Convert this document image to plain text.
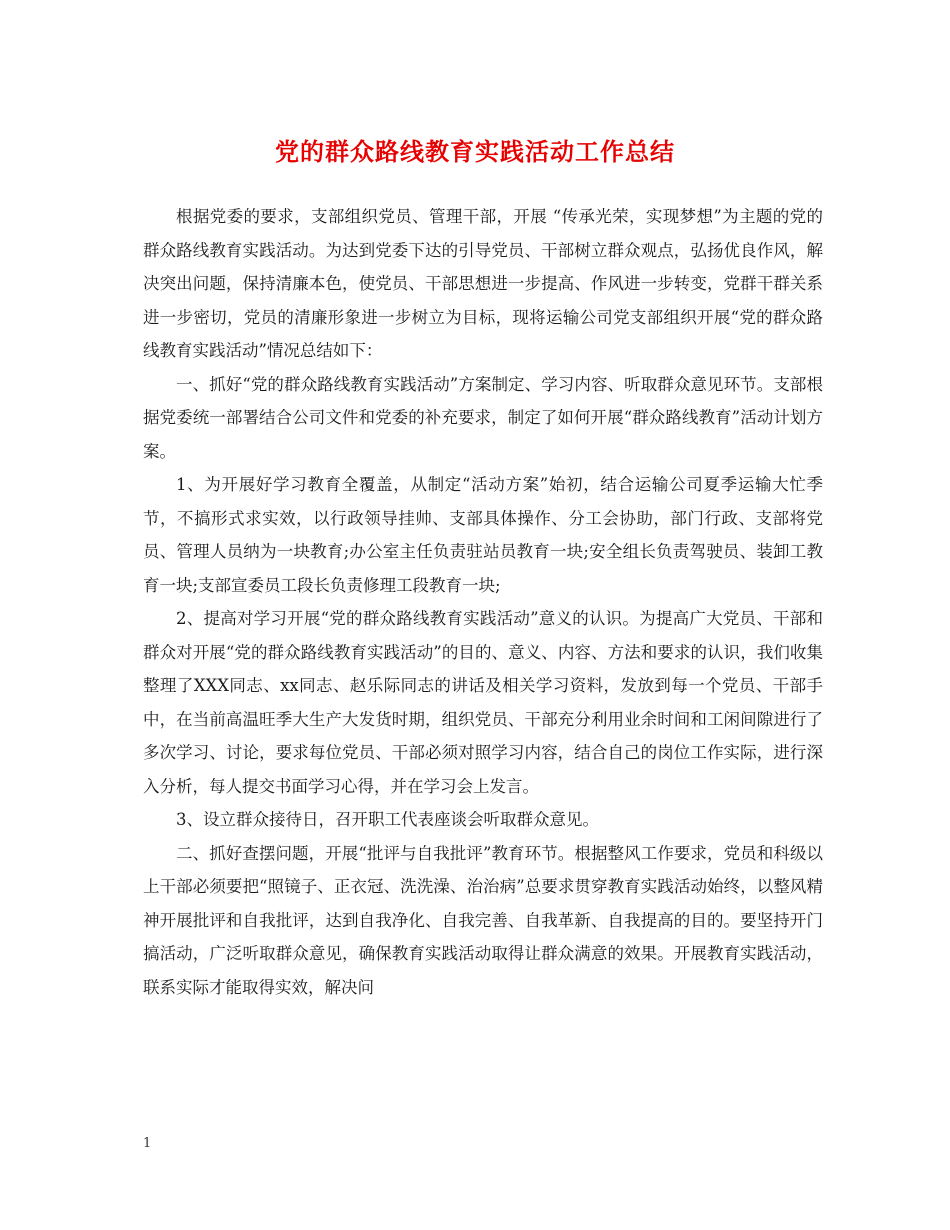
党的群众路线教育实践活动工作总结

根据党委的要求，支部组织党员、管理干部，开展 “传承光荣，实现梦想”为主题的党的群众路线教育实践活动。为达到党委下达的引导党员、干部树立群众观点，弘扬优良作风，解决突出问题，保持清廉本色，使党员、干部思想进一步提高、作风进一步转变，党群干群关系进一步密切，党员的清廉形象进一步树立为目标，现将运输公司党支部组织开展“党的群众路线教育实践活动”情况总结如下：

一、抓好“党的群众路线教育实践活动”方案制定、学习内容、听取群众意见环节。支部根据党委统一部署结合公司文件和党委的补充要求，制定了如何开展“群众路线教育”活动计划方案。

1、为开展好学习教育全覆盖，从制定“活动方案”始初，结合运输公司夏季运输大忙季节，不搞形式求实效，以行政领导挂帅、支部具体操作、分工会协助，部门行政、支部将党员、管理人员纳为一块教育;办公室主任负责驻站员教育一块;安全组长负责驾驶员、装卸工教育一块;支部宣委员工段长负责修理工段教育一块;

2、提高对学习开展“党的群众路线教育实践活动”意义的认识。为提高广大党员、干部和群众对开展“党的群众路线教育实践活动”的目的、意义、内容、方法和要求的认识，我们收集整理了XXX同志、xx同志、赵乐际同志的讲话及相关学习资料，发放到每一个党员、干部手中，在当前高温旺季大生产大发货时期，组织党员、干部充分利用业余时间和工闲间隙进行了多次学习、讨论，要求每位党员、干部必须对照学习内容，结合自己的岗位工作实际，进行深入分析，每人提交书面学习心得，并在学习会上发言。

3、设立群众接待日，召开职工代表座谈会听取群众意见。

二、抓好查摆问题，开展“批评与自我批评”教育环节。根据整风工作要求，党员和科级以上干部必须要把“照镜子、正衣冠、洗洗澡、治治病”总要求贯穿教育实践活动始终，以整风精神开展批评和自我批评，达到自我净化、自我完善、自我革新、自我提高的目的。要坚持开门搞活动，广泛听取群众意见，确保教育实践活动取得让群众满意的效果。开展教育实践活动，联系实际才能取得实效，解决问

1
